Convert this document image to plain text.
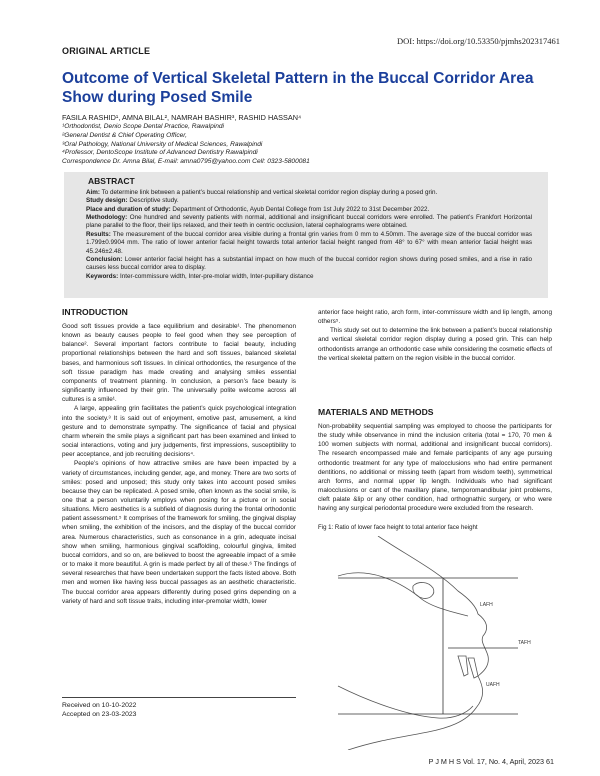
DOI: https://doi.org/10.53350/pjmhs202317461
ORIGINAL ARTICLE
Outcome of Vertical Skeletal Pattern in the Buccal Corridor Area Show during Posed Smile
FASILA RASHID¹, AMNA BILAL², NAMRAH BASHIR³, RASHID HASSAN⁴
¹Orthodontist, Denio Scope Dental Practice, Rawalpindi
²General Dentist & Chief Operating Officer,
³Oral Pathology, National University of Medical Sciences, Rawalpindi
⁴Professor, DentoScope Institute of Advanced Dentistry Rawalpindi
Correspondence Dr. Amna Bilal, E-mail: amna0795@yahoo.com Cell: 0323-5800081
ABSTRACT
Aim: To determine link between a patient’s buccal relationship and vertical skeletal corridor region display during a posed grin.
Study design: Descriptive study.
Place and duration of study: Department of Orthodontic, Ayub Dental College from 1st July 2022 to 31st December 2022.
Methodology: One hundred and seventy patients with normal, additional and insignificant buccal corridors were enrolled. The patient’s Frankfort Horizontal plane parallel to the floor, their lips relaxed, and their teeth in centric occlusion, lateral cephalograms were obtained.
Results: The measurement of the buccal corridor area visible during a frontal grin varies from 0 mm to 4.50mm. The average size of the buccal corridor was 1.799±0.9904 mm. The ratio of lower anterior facial height towards total anterior facial height ranged from 48° to 67° with mean anterior facial height was 45.246±2.48.
Conclusion: Lower anterior facial height has a substantial impact on how much of the buccal corridor region shows during posed smiles, and a rise in ratio causes less buccal corridor area to display.
Keywords: Inter-commissure width, Inter-pre-molar width, Inter-pupillary distance
INTRODUCTION

Good soft tissues provide a face equilibrium and desirable¹. The phenomenon known as beauty causes people to feel good when they see perception of balance². Several important factors contribute to facial beauty, including proportional relationships between the hard and soft tissues, balanced skeletal bases, and harmonious soft tissues. In clinical orthodontics, the resurgence of the soft tissue paradigm has made creating and analysing smiles essential components of treatment planning. In conclusion, a person’s face beauty is significantly influenced by their grin. The universally polite welcome across all cultures is a smile¹.

A large, appealing grin facilitates the patient’s quick psychological integration into the society.³ It is said out of enjoyment, emotive past, amusement, a kind gesture and to demonstrate sympathy. The significance of facial and physical charm wherein the smile plays a significant part has been examined and linked to social interactions, voting and jury judgements, first impressions, susceptibility to peer acceptance, and job recruiting decisions⁴.

People’s opinions of how attractive smiles are have been impacted by a variety of circumstances, including gender, age, and money. There are two sorts of smiles: posed and unposed; this study only takes into account posed smiles because they can be replicated. A posed smile, often known as the social smile, is one that a person voluntarily employs when posing for a picture or in social situations. Micro aesthetics is a subfield of diagnosis during the frontal orthodontic patient assessment.⁵ It comprises of the framework for smiling, the gingival display when smiling, the exhibition of the incisors, and the display of the buccal corridor area. Numerous characteristics, such as consonance in a grin, adequate incisal show when smiling, harmonious gingival scaffolding, colourful gingiva, limited buccal corridors, and so on, are believed to boost the agreeable impact of a smile or to make it more beautiful. A grin is made perfect by all of these.⁶ The findings of several researches that have been undertaken support the facts listed above. Both men and women like having less buccal passages as an aesthetic characteristic. The buccal corridor area appears differently during posed grins depending on a variety of hard and soft tissue traits, including inter-premolar width, lower

anterior face height ratio, arch form, inter-commissure width and lip length, among others⁵.

This study set out to determine the link between a patient’s buccal relationship and vertical skeletal corridor region display during a posed grin. This can help orthodontists arrange an orthodontic case while considering the cosmetic effects of the vertical skeletal pattern on the region visible in the buccal corridor.

MATERIALS AND METHODS

Non-probability sequential sampling was employed to choose the participants for the study while observance in mind the inclusion criteria (total = 170, 70 men & 100 women subjects with normal, additional and insignificant buccal corridors). The research encompassed male and female participants of any age pursuing orthodontic treatment for any type of malocclusions who had entire permanent dentitions, no additional or missing teeth (apart from wisdom teeth), symmetrical arch forms, and normal upper lip length. Individuals who had significant malocclusions or cant of the maxillary plane, temporomandibular joint problems, cleft palate &lip or any other condition, had orthognathic surgery, or who were having any surgical periodontal procedure were excluded from the research.

Fig 1: Ratio of lower face height to total anterior face height
LAFH
TAFH
UAFH
Received on 10-10-2022
Accepted on 23-03-2023
P J M H S Vol. 17, No. 4, April, 2023 61
